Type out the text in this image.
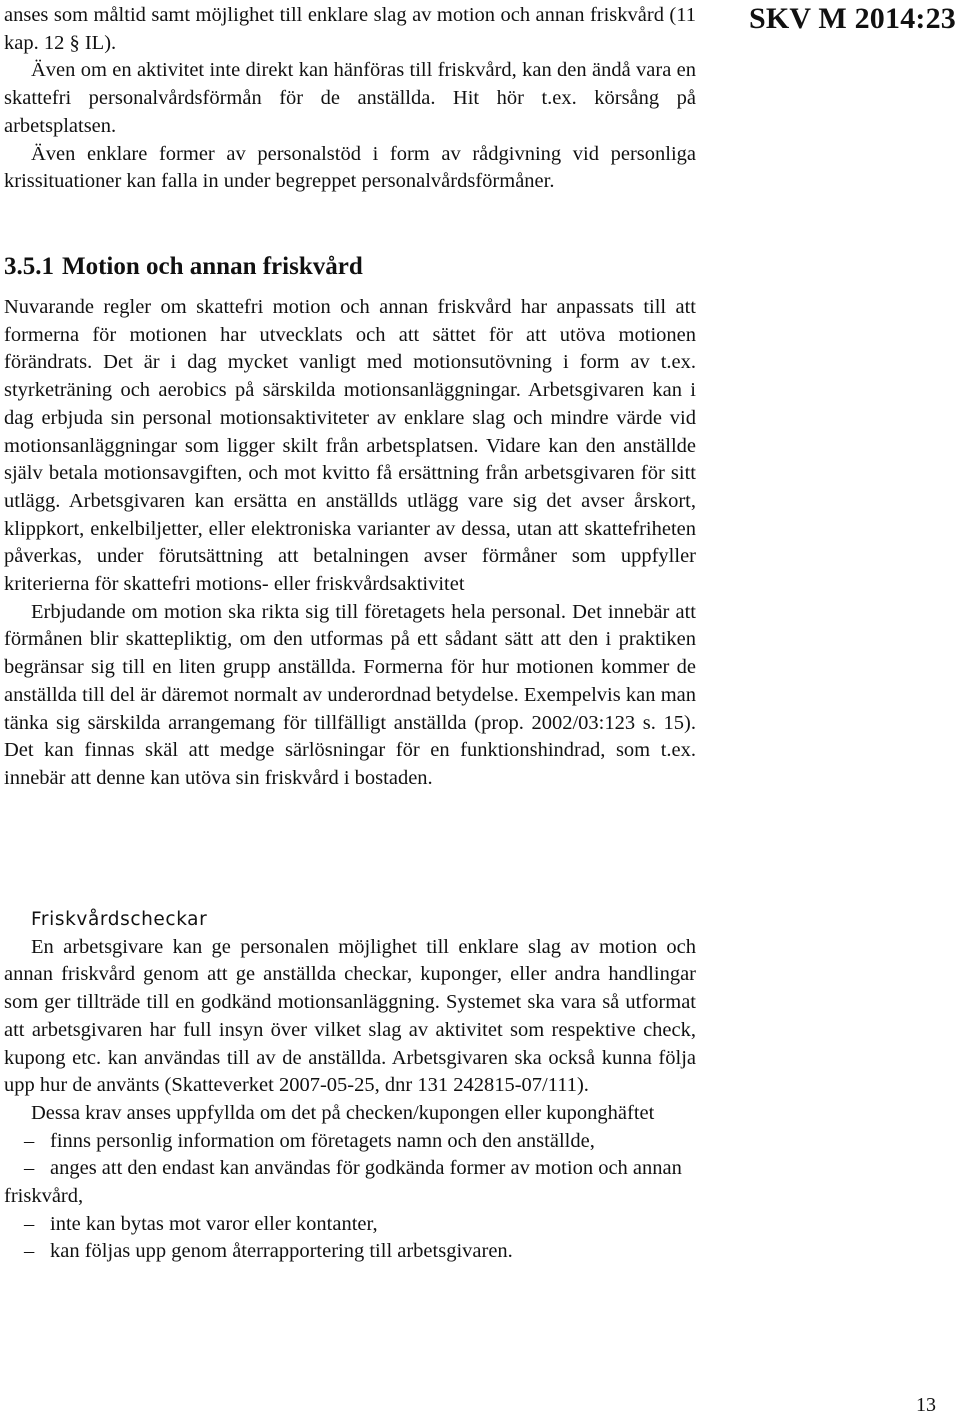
SKV M 2014:23

anses som måltid samt möjlighet till enklare slag av motion och annan friskvård (11 kap. 12 § IL).

Även om en aktivitet inte direkt kan hänföras till friskvård, kan den ändå vara en skattefri personalvårdsförmån för de anställda. Hit hör t.ex. körsång på arbetsplatsen.

Även enklare former av personalstöd i form av rådgivning vid personliga krissituationer kan falla in under begreppet personalvårdsförmåner.

3.5.1 Motion och annan friskvård

Nuvarande regler om skattefri motion och annan friskvård har anpassats till att formerna för motionen har utvecklats och att sättet för att utöva motionen förändrats. Det är i dag mycket vanligt med motionsutövning i form av t.ex. styrketräning och aerobics på särskilda motionsanläggningar. Arbetsgivaren kan i dag erbjuda sin personal motionsaktiviteter av enklare slag och mindre värde vid motionsanläggningar som ligger skilt från arbetsplatsen. Vidare kan den anställde själv betala motionsavgiften, och mot kvitto få ersättning från arbetsgivaren för sitt utlägg. Arbetsgivaren kan ersätta en anställds utlägg vare sig det avser årskort, klippkort, enkelbiljetter, eller elektroniska varianter av dessa, utan att skattefriheten påverkas, under förutsättning att betalningen avser förmåner som uppfyller kriterierna för skattefri motions- eller friskvårdsaktivitet

Erbjudande om motion ska rikta sig till företagets hela personal. Det innebär att förmånen blir skattepliktig, om den utformas på ett sådant sätt att den i praktiken begränsar sig till en liten grupp anställda. Formerna för hur motionen kommer de anställda till del är däremot normalt av underordnad betydelse. Exempelvis kan man tänka sig särskilda arrangemang för tillfälligt anställda (prop. 2002/03:123 s. 15). Det kan finnas skäl att medge särlösningar för en funktionshindrad, som t.ex. innebär att denne kan utöva sin friskvård i bostaden.

Friskvårdscheckar

En arbetsgivare kan ge personalen möjlighet till enklare slag av motion och annan friskvård genom att ge anställda checkar, kuponger, eller andra handlingar som ger tillträde till en godkänd motionsanläggning. Systemet ska vara så utformat att arbetsgivaren har full insyn över vilket slag av aktivitet som respektive check, kupong etc. kan användas till av de anställda. Arbetsgivaren ska också kunna följa upp hur de använts (Skatteverket 2007-05-25, dnr 131 242815-07/111).

Dessa krav anses uppfyllda om det på checken/kupongen eller kuponghäftet

– finns personlig information om företagets namn och den anställde,

– anges att den endast kan användas för godkända former av motion och annan friskvård,

– inte kan bytas mot varor eller kontanter,

– kan följas upp genom återrapportering till arbetsgivaren.

13
